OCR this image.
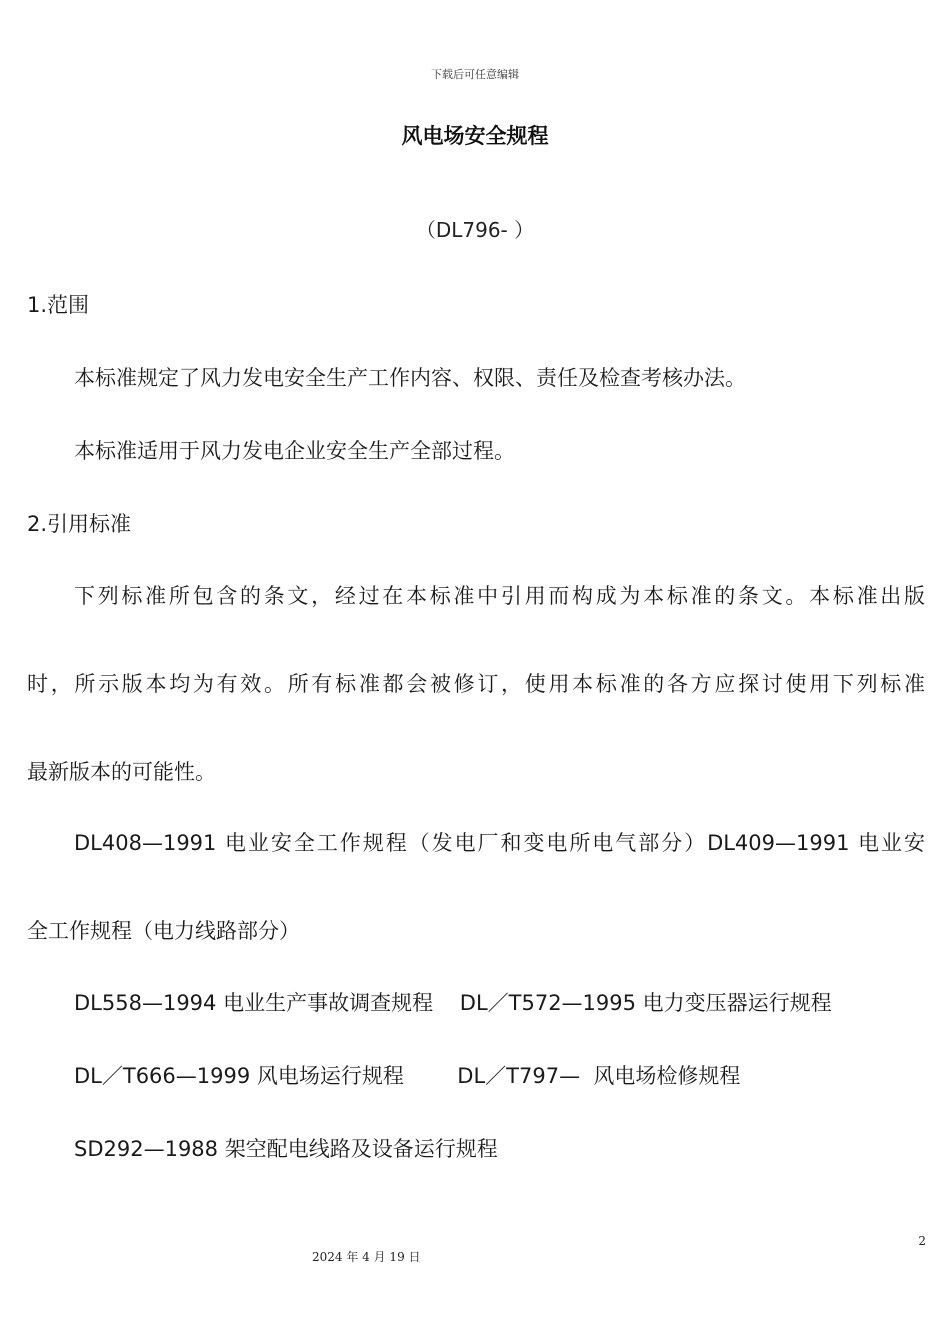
下载后可任意编辑
风电场安全规程
（DL796- ）
1.范围
本标准规定了风力发电安全生产工作内容、权限、责任及检查考核办法。
本标准适用于风力发电企业安全生产全部过程。
2.引用标准
下列标准所包含的条文，经过在本标准中引用而构成为本标准的条文。本标准出版
时，所示版本均为有效。所有标准都会被修订，使用本标准的各方应探讨使用下列标准
最新版本的可能性。
DL408—1991 电业安全工作规程（发电厂和变电所电气部分）DL409—1991 电业安
全工作规程（电力线路部分）
DL558—1994 电业生产事故调查规程    DL／T572—1995 电力变压器运行规程
DL／T666—1999 风电场运行规程        DL／T797—  风电场检修规程
SD292—1988 架空配电线路及设备运行规程
2
2024 年 4 月 19 日
